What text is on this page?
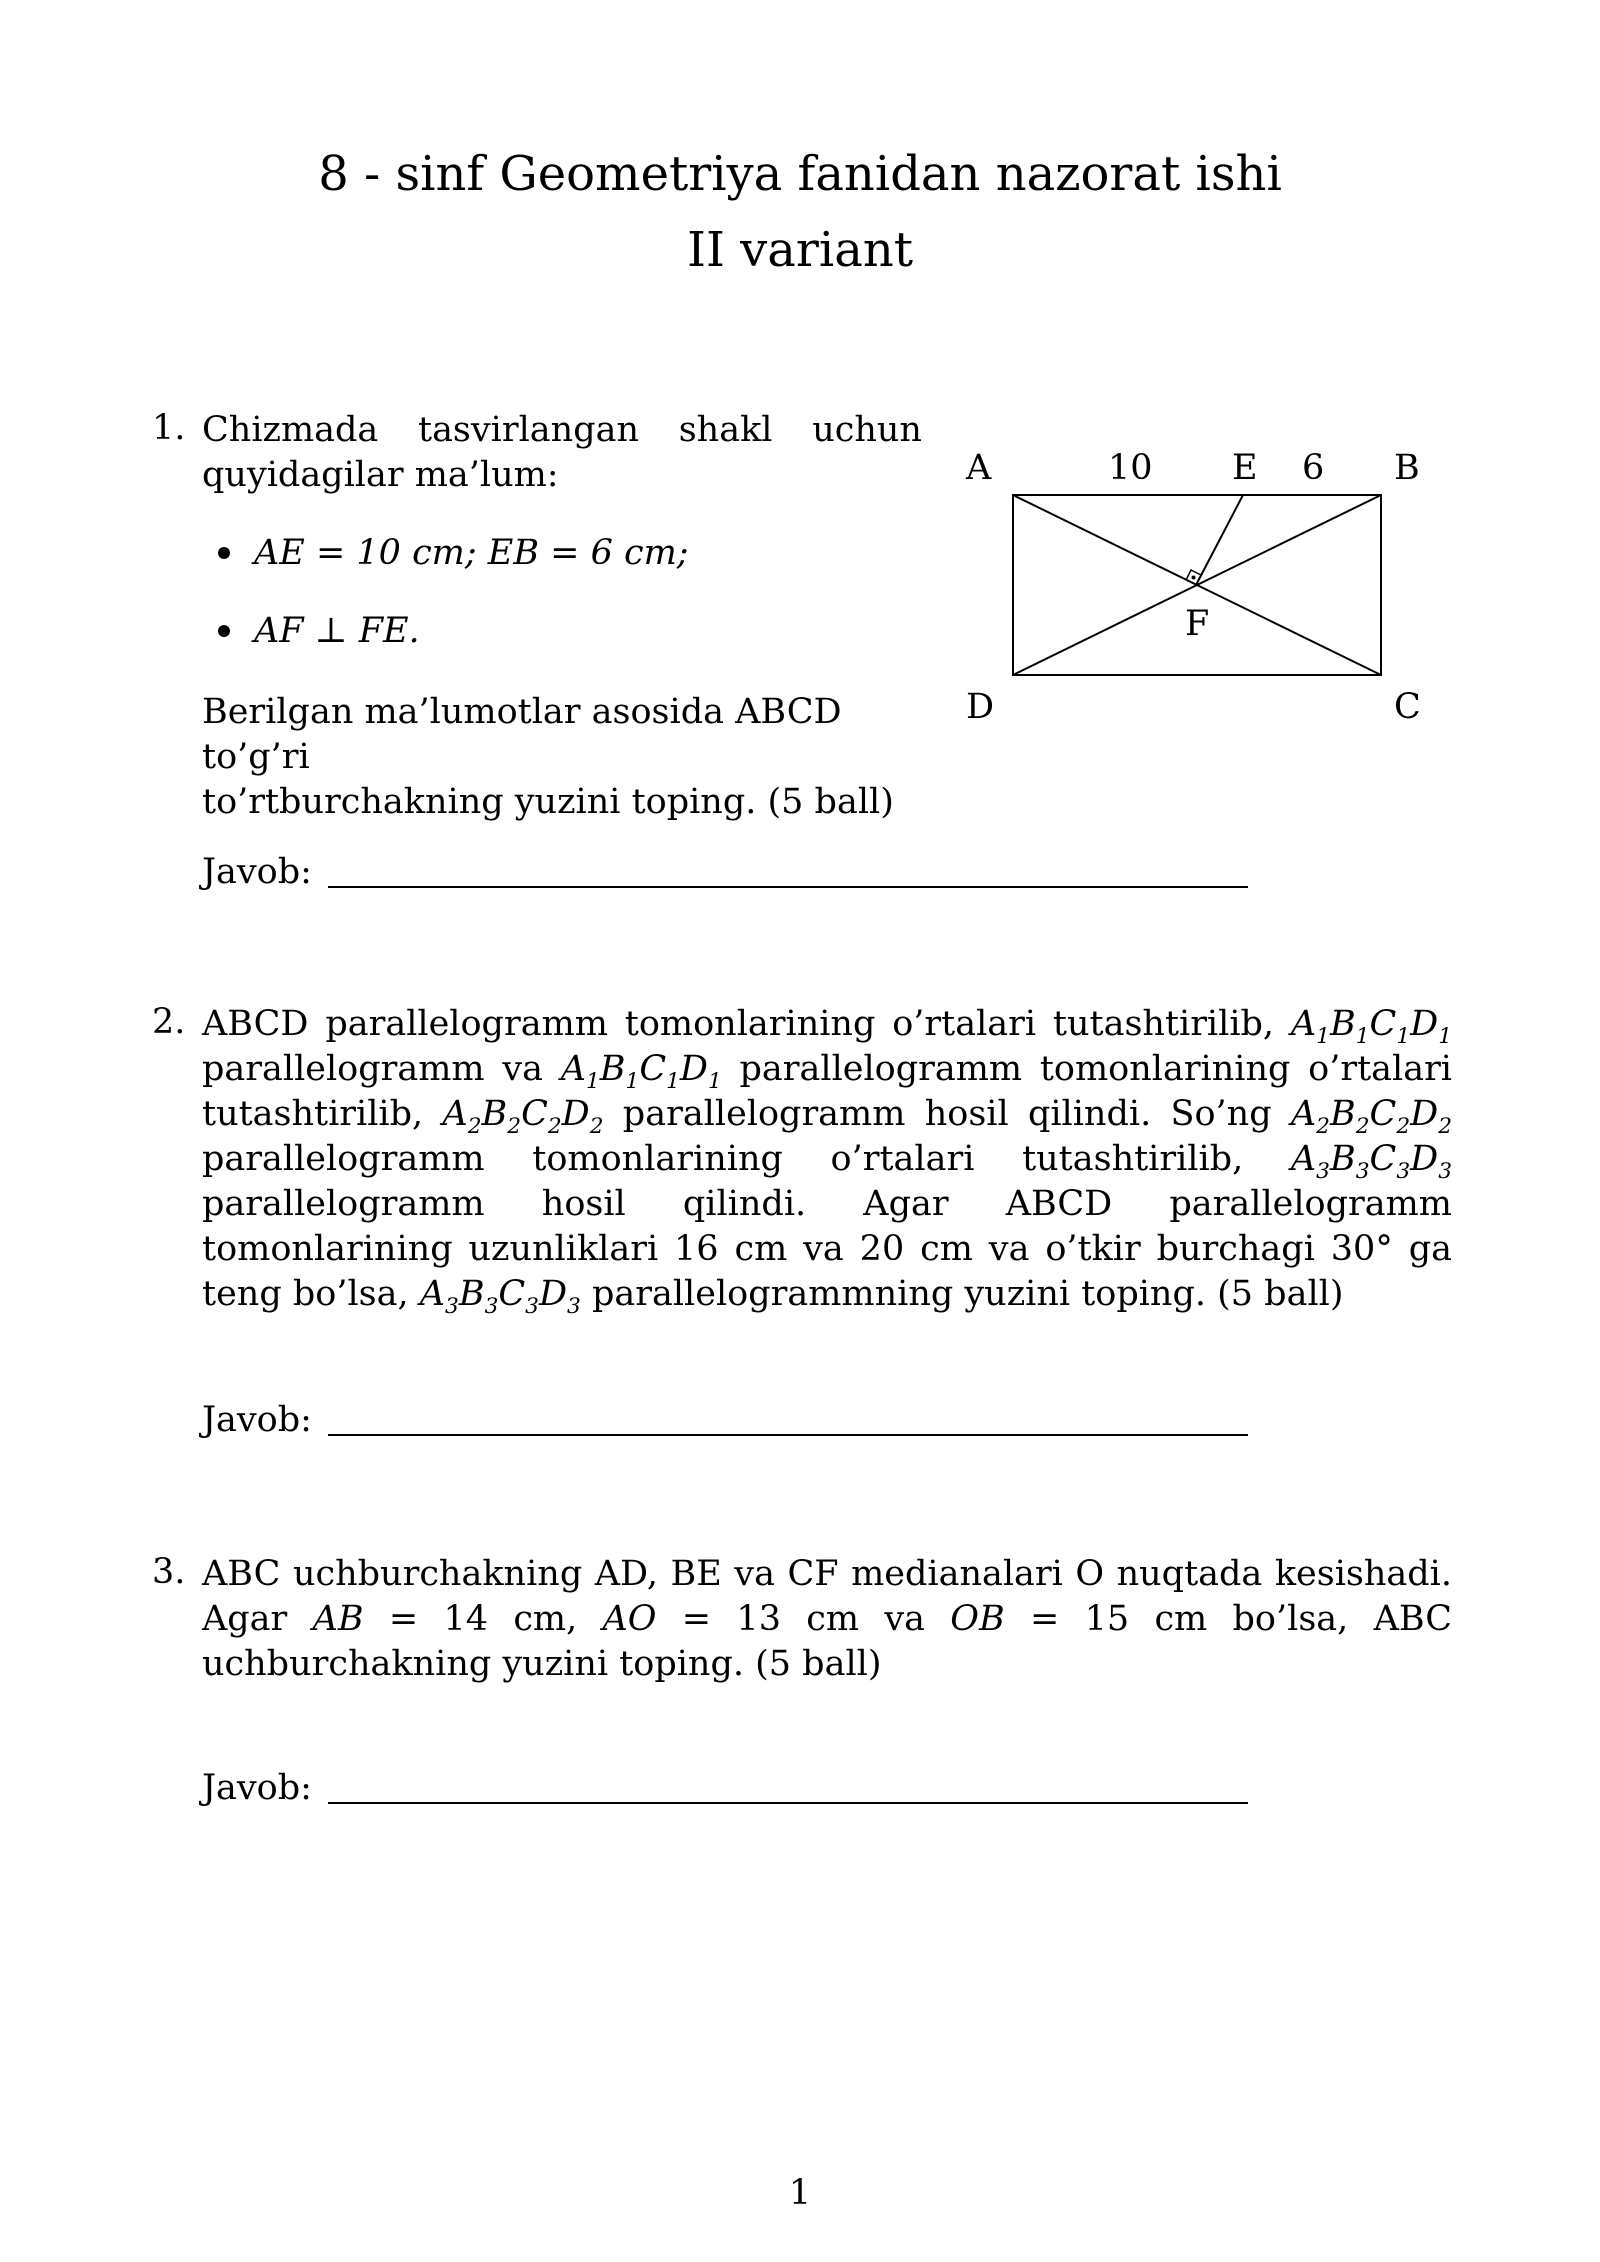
8 - sinf Geometriya fanidan nazorat ishi
II variant
1. Chizmada tasvirlangan shakl uchun
quyidagilar ma’lum:
AE = 10 cm; EB = 6 cm;
AF ⊥ FE.
Berilgan ma’lumotlar asosida ABCD to’g’ri
to’rtburchakning yuzini toping. (5 ball)
A	10 E 6 B
F
D	C
Javob:
2. ABCD parallelogramm tomonlarining o’rtalari tutashtirilib, $A_1B_1C_1D_1$ parallelogramm va $A_1B_1C_1D_1$ parallelogramm tomonlarining o’rtalari tutashtirilib, $A_2B_2C_2D_2$ parallelogramm hosil qilindi. So’ng $A_2B_2C_2D_2$ parallelogramm tomonlarining o’rtalari tutashtirilib, $A_3B_3C_3D_3$ parallelogramm hosil qilindi. Agar ABCD parallelogramm tomonlarining uzunliklari 16 cm va 20 cm va o’tkir burchagi 30° ga teng bo’lsa, $A_3B_3C_3D_3$ parallelogrammning yuzini toping. (5 ball)
Javob:
3. ABC uchburchakning AD, BE va CF medianalari O nuqtada kesishadi. Agar AB = 14 cm, AO = 13 cm va OB = 15 cm bo’lsa, ABC uchburchakning yuzini toping. (5 ball)
Javob:
1
